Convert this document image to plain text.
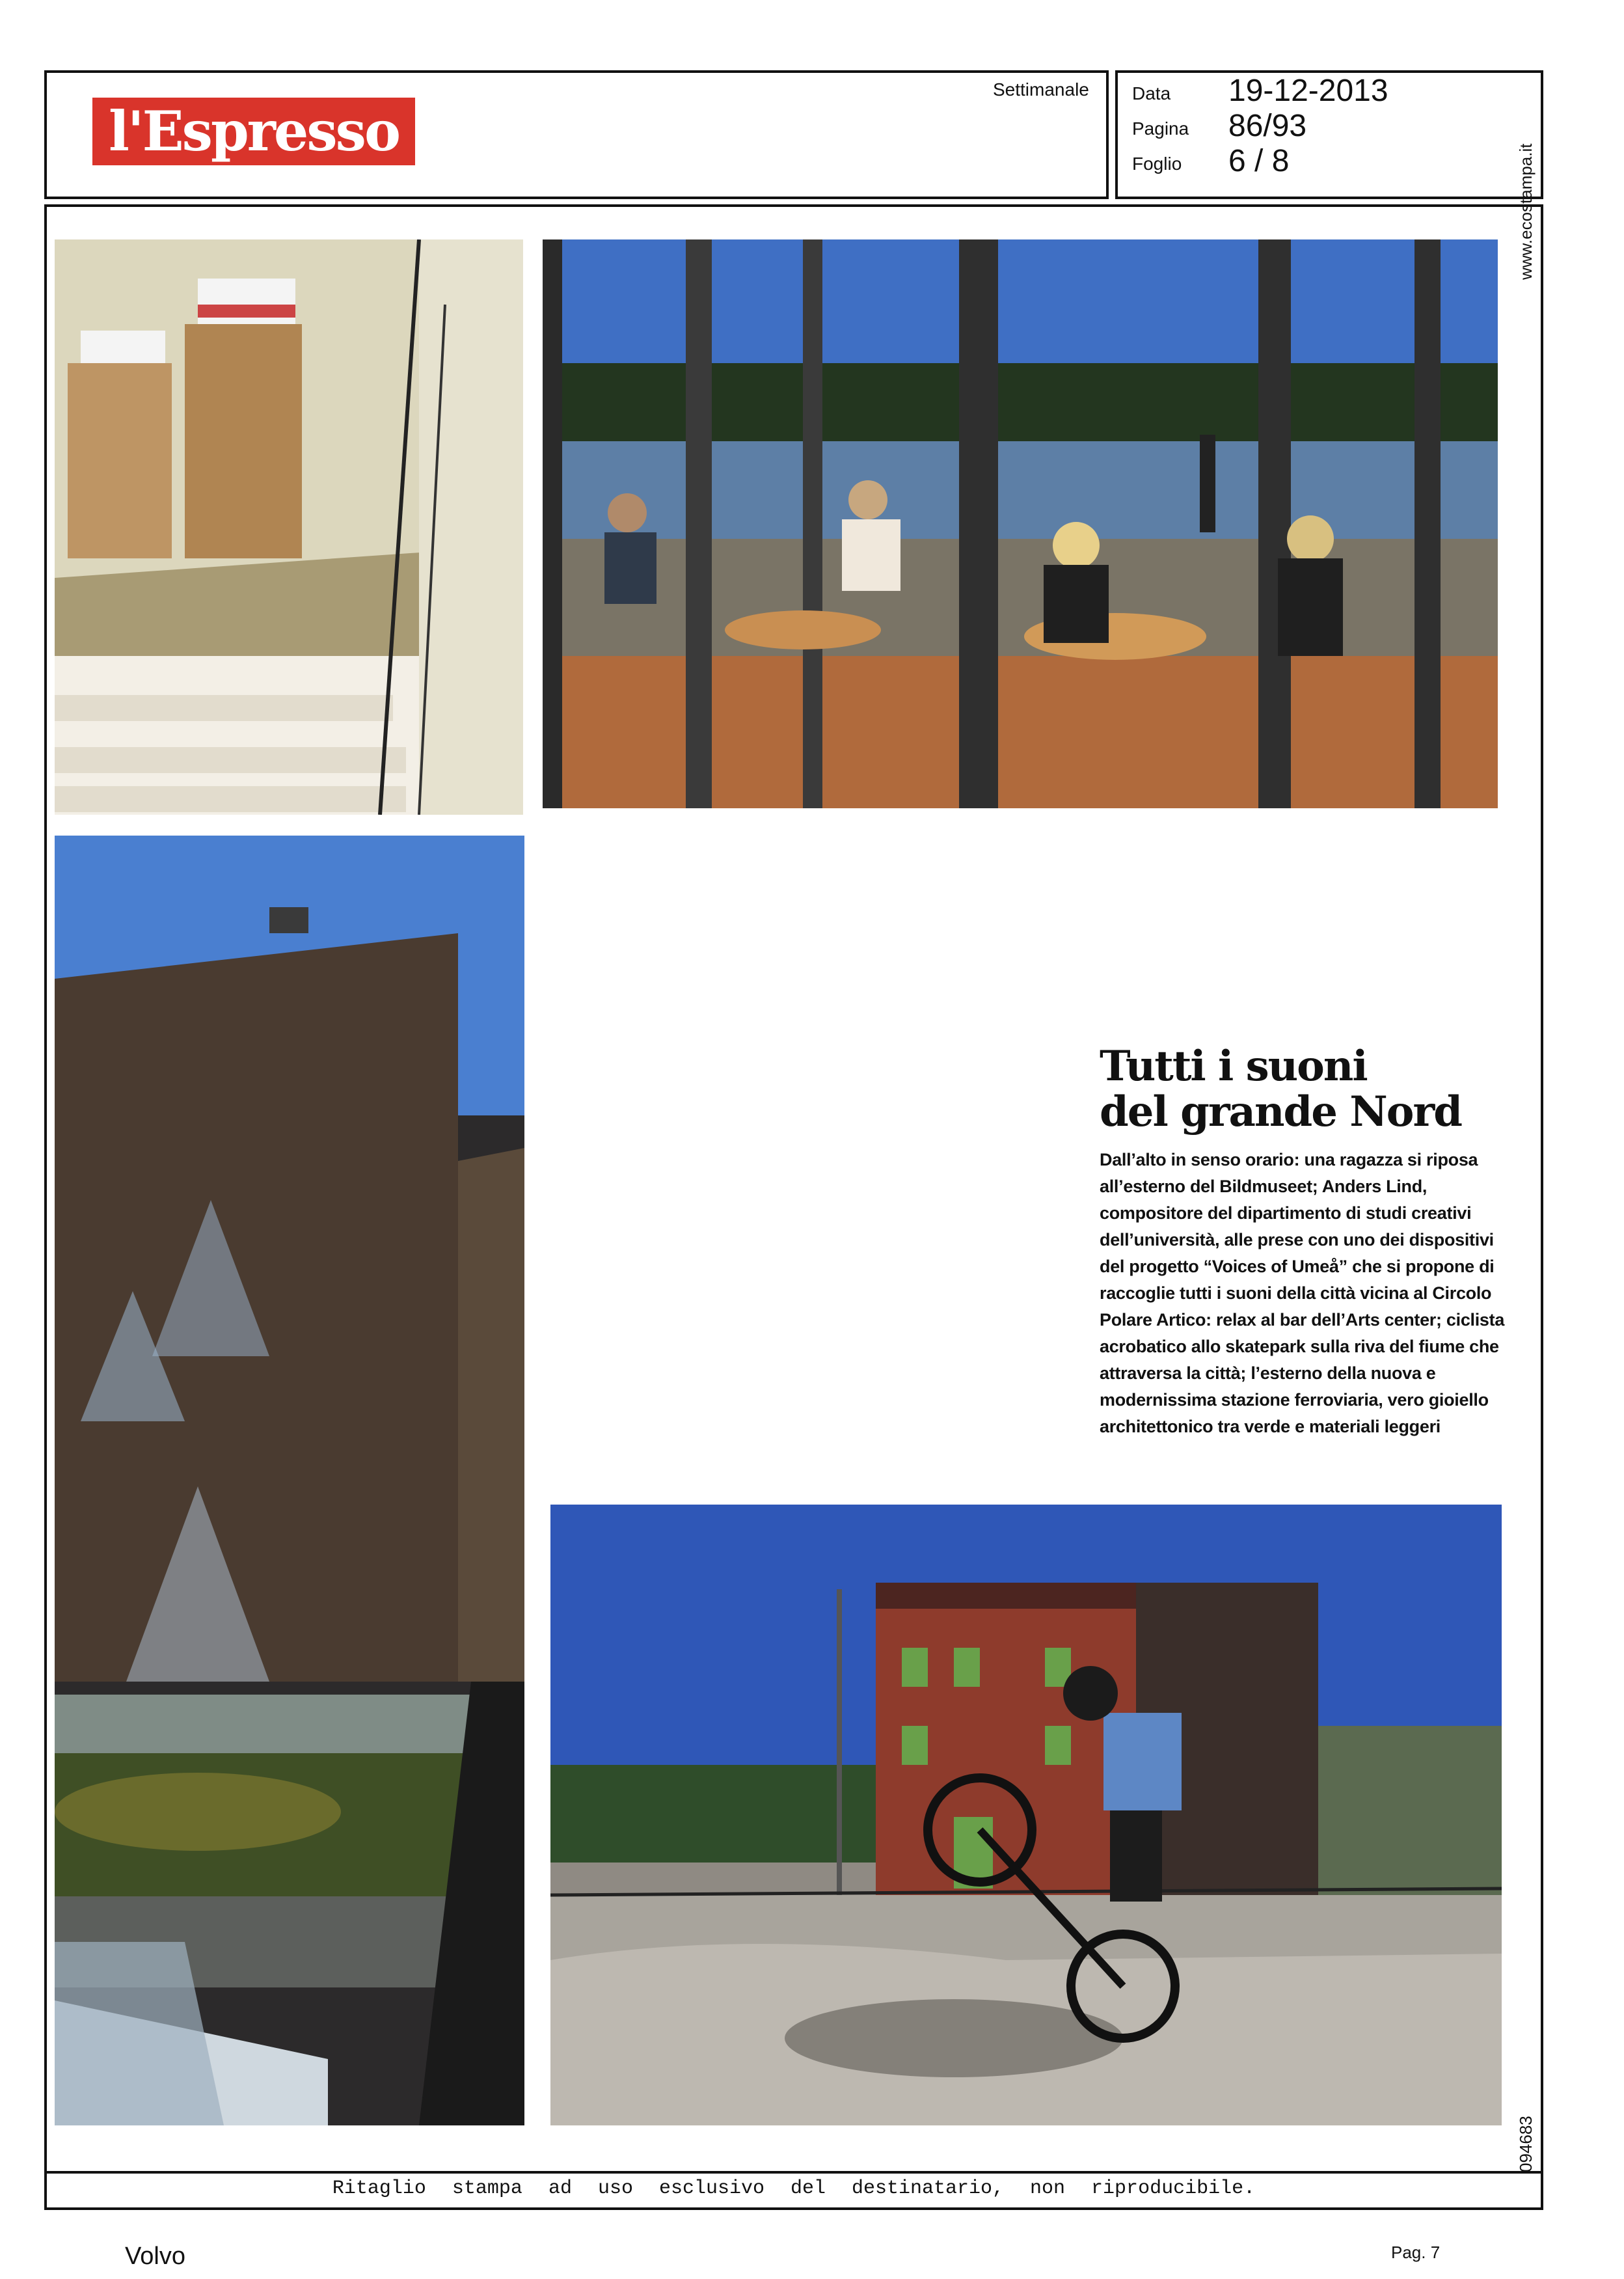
l'Espresso
Settimanale Data 19-12-2013
Pagina 86/93
Foglio 6 / 8	www.ecostampa.it
094683
Tutti i suoni
del grande Nord
Dall’alto in senso orario: una ragazza si riposa all’esterno del Bildmuseet; Anders Lind, compositore del dipartimento di studi creativi dell’università, alle prese con uno dei dispositivi del progetto “Voices of Umeå” che si propone di raccoglie tutti i suoni della città vicina al Circolo Polare Artico: relax al bar dell’Arts center; ciclista acrobatico allo skatepark sulla riva del fiume che attraversa la città; l’esterno della nuova e modernissima stazione ferroviaria, vero gioiello architettonico tra verde e materiali leggeri
Ritaglio stampa ad uso esclusivo del destinatario, non riproducibile.
Volvo	Pag. 7
